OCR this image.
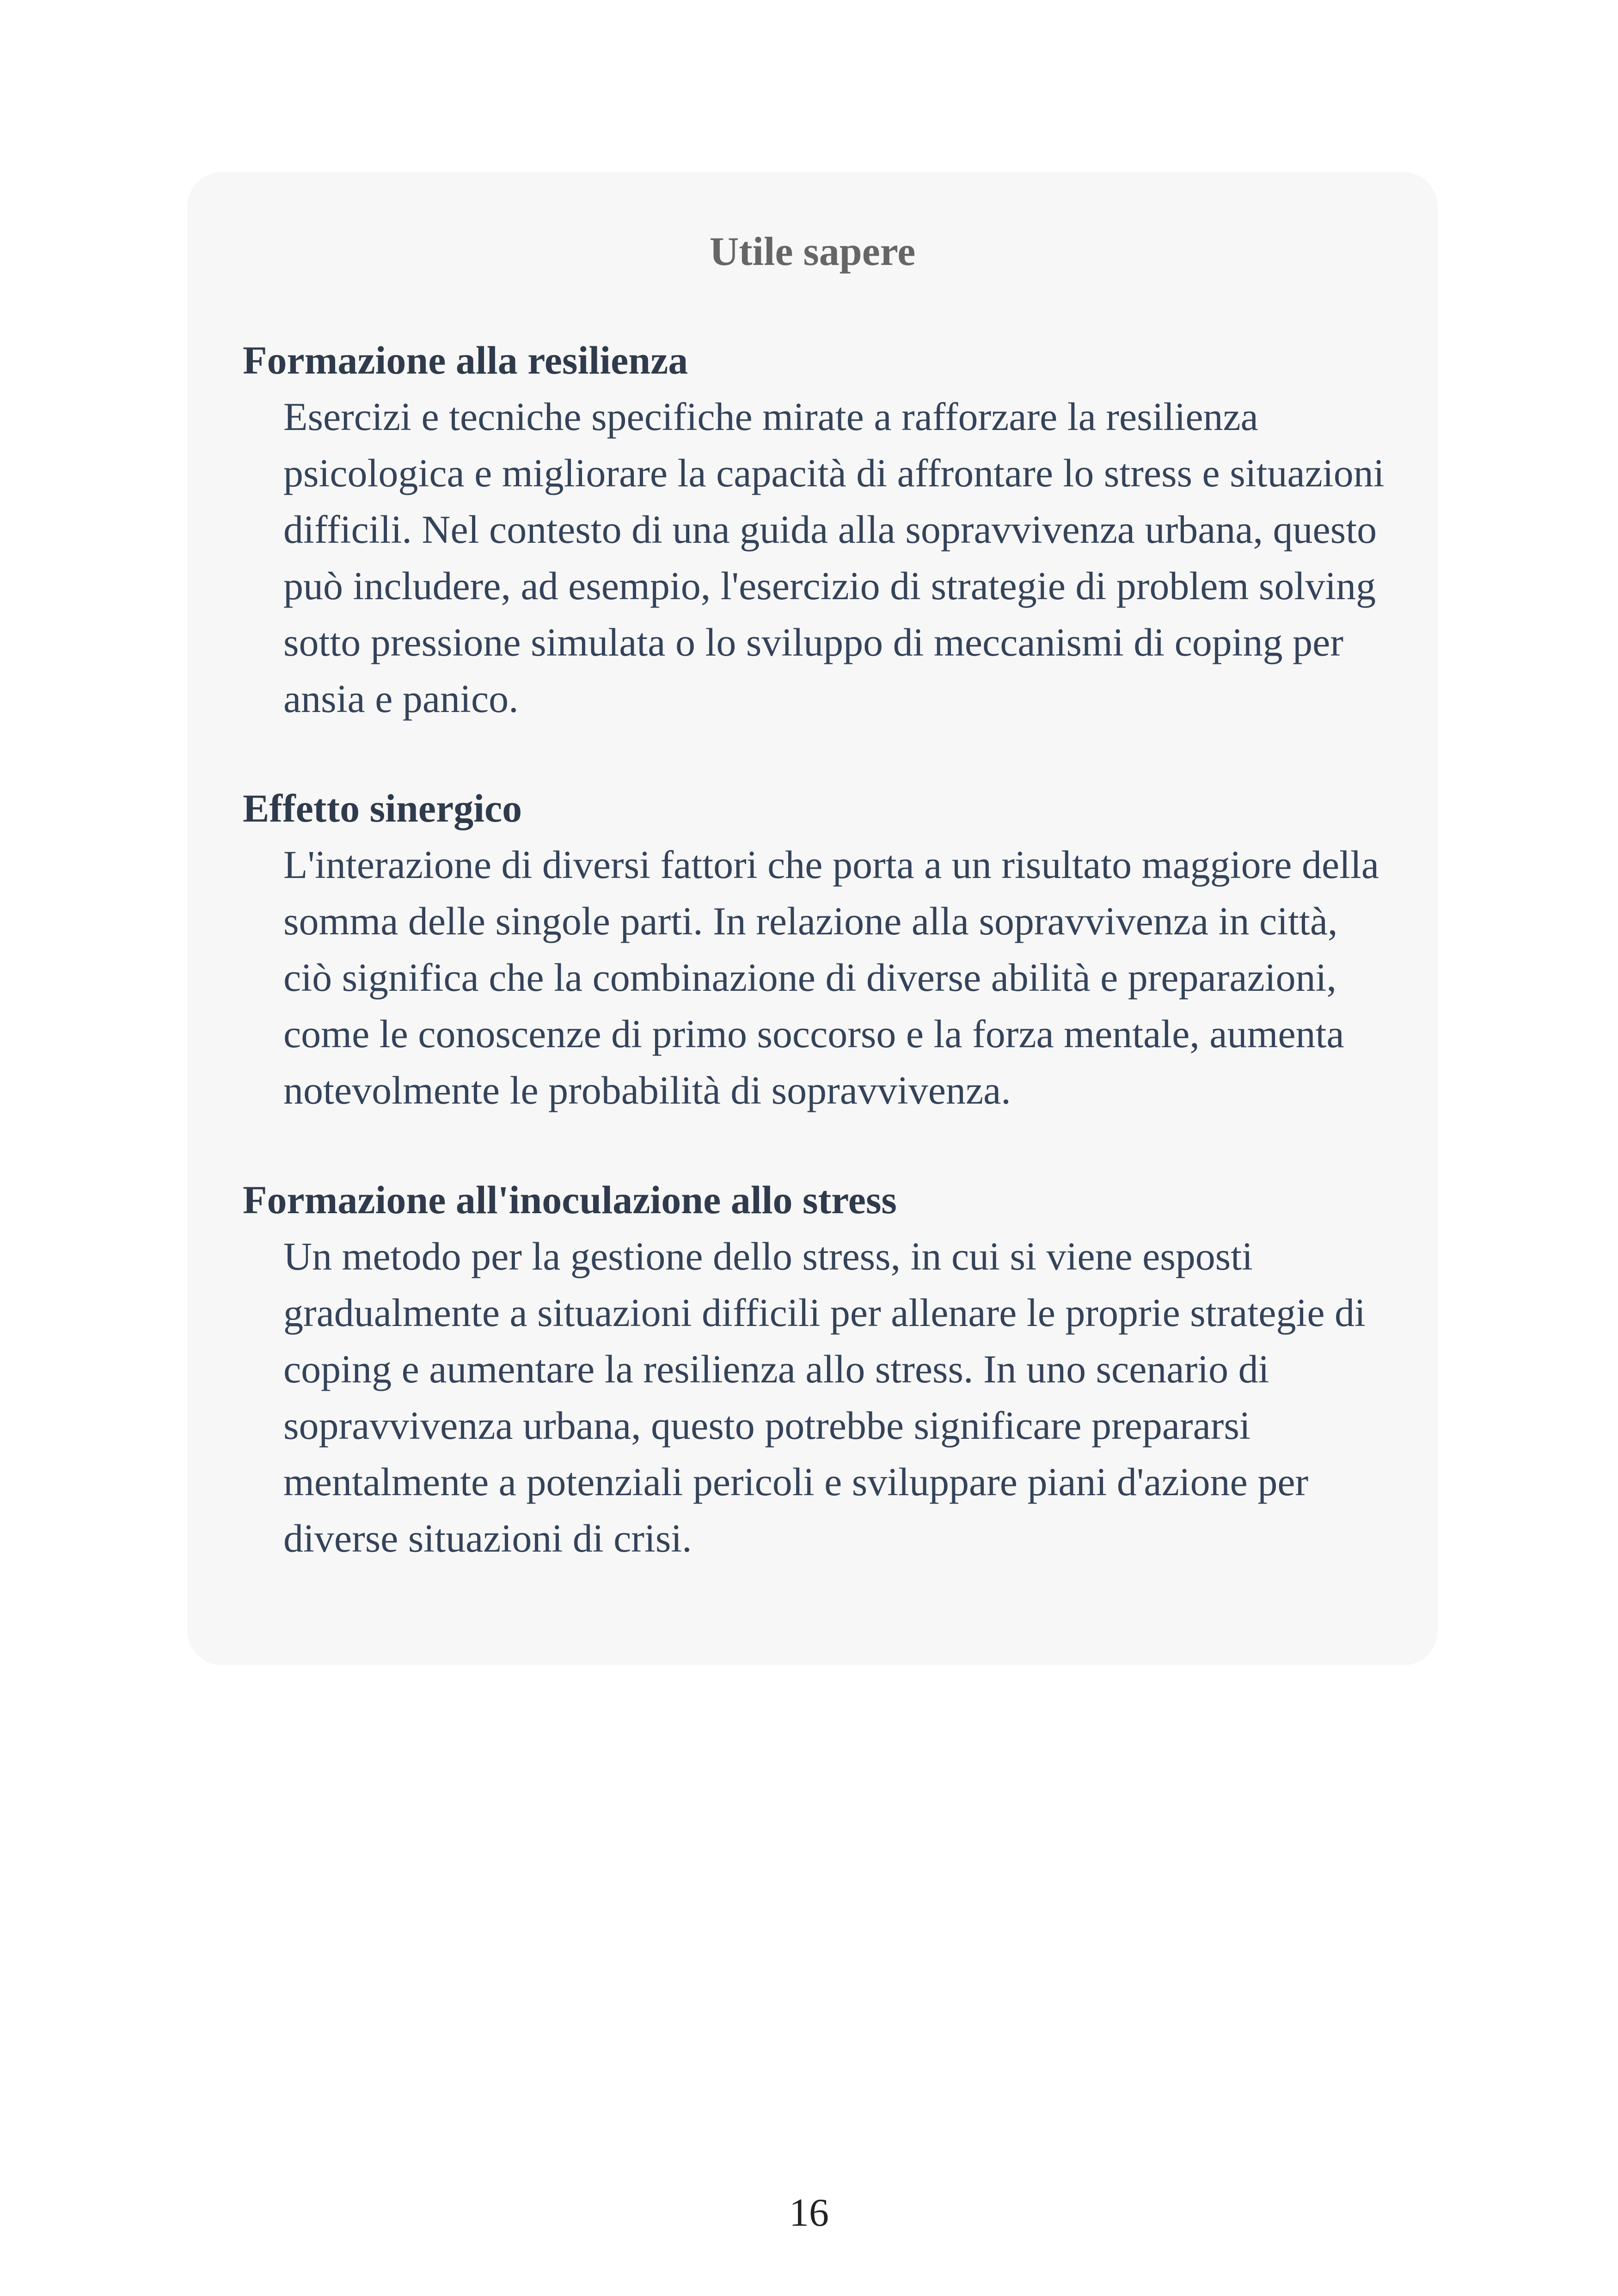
Utile sapere

Formazione alla resilienza

Esercizi e tecniche specifiche mirate a rafforzare la resilienza psicologica e migliorare la capacità di affrontare lo stress e situazioni difficili. Nel contesto di una guida alla sopravvivenza urbana, questo può includere, ad esempio, l'esercizio di strategie di problem solving sotto pressione simulata o lo sviluppo di meccanismi di coping per ansia e panico.

Effetto sinergico

L'interazione di diversi fattori che porta a un risultato maggiore della somma delle singole parti. In relazione alla sopravvivenza in città, ciò significa che la combinazione di diverse abilità e preparazioni, come le conoscenze di primo soccorso e la forza mentale, aumenta notevolmente le probabilità di sopravvivenza.

Formazione all'inoculazione allo stress

Un metodo per la gestione dello stress, in cui si viene esposti gradualmente a situazioni difficili per allenare le proprie strategie di coping e aumentare la resilienza allo stress. In uno scenario di sopravvivenza urbana, questo potrebbe significare prepararsi mentalmente a potenziali pericoli e sviluppare piani d'azione per diverse situazioni di crisi.

16
